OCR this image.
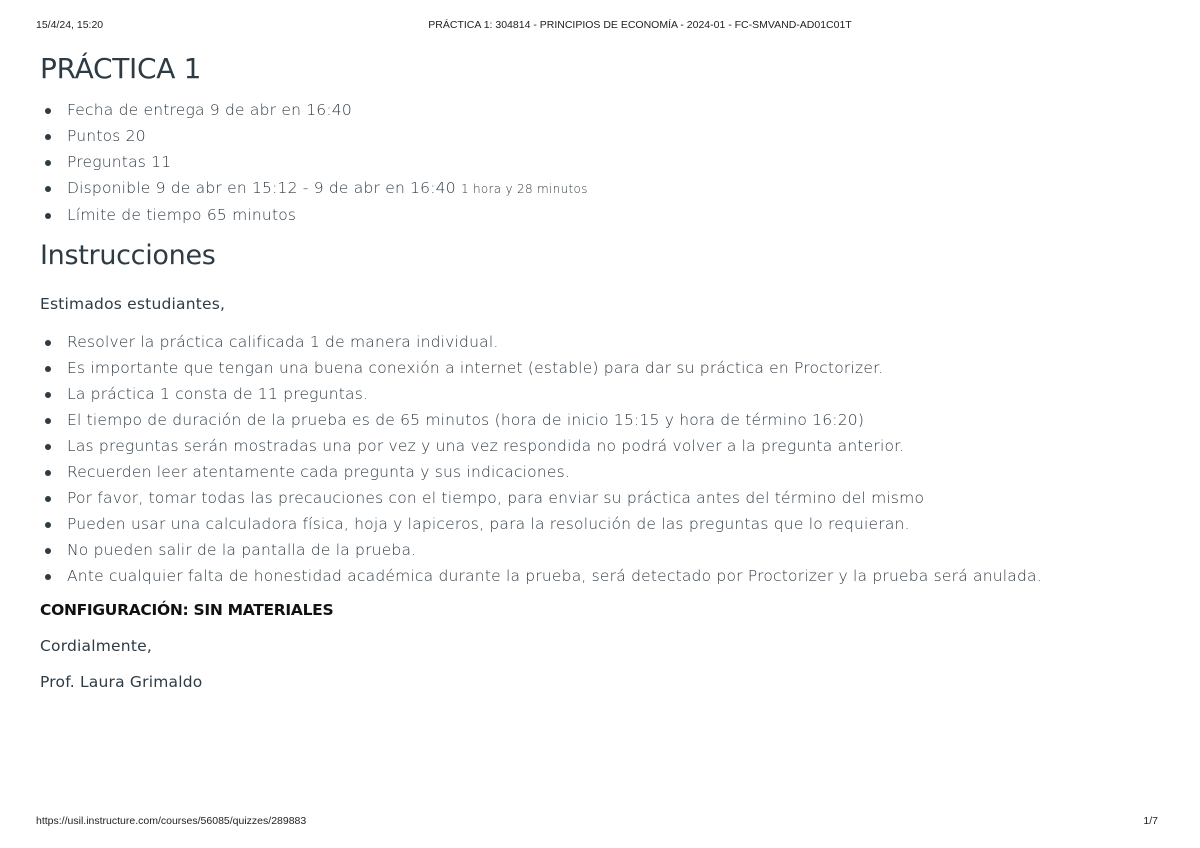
15/4/24, 15:20	PRÁCTICA 1: 304814 - PRINCIPIOS DE ECONOMÍA - 2024-01 - FC-SMVAND-AD01C01T
PRÁCTICA 1
Fecha de entrega 9 de abr en 16:40
Puntos 20
Preguntas 11
Disponible 9 de abr en 15:12 - 9 de abr en 16:40 1 hora y 28 minutos
Límite de tiempo 65 minutos
Instrucciones

Estimados estudiantes,

Resolver la práctica calificada 1 de manera individual.
Es importante que tengan una buena conexión a internet (estable) para dar su práctica en Proctorizer.
La práctica 1 consta de 11 preguntas.
El tiempo de duración de la prueba es de 65 minutos (hora de inicio 15:15 y hora de término 16:20)
Las preguntas serán mostradas una por vez y una vez respondida no podrá volver a la pregunta anterior.
Recuerden leer atentamente cada pregunta y sus indicaciones.
Por favor, tomar todas las precauciones con el tiempo, para enviar su práctica antes del término del mismo
Pueden usar una calculadora física, hoja y lapiceros, para la resolución de las preguntas que lo requieran.
No pueden salir de la pantalla de la prueba.
Ante cualquier falta de honestidad académica durante la prueba, será detectado por Proctorizer y la prueba será anulada.

CONFIGURACIÓN: SIN MATERIALES

Cordialmente,

Prof. Laura Grimaldo

https://usil.instructure.com/courses/56085/quizzes/289883	1/7
